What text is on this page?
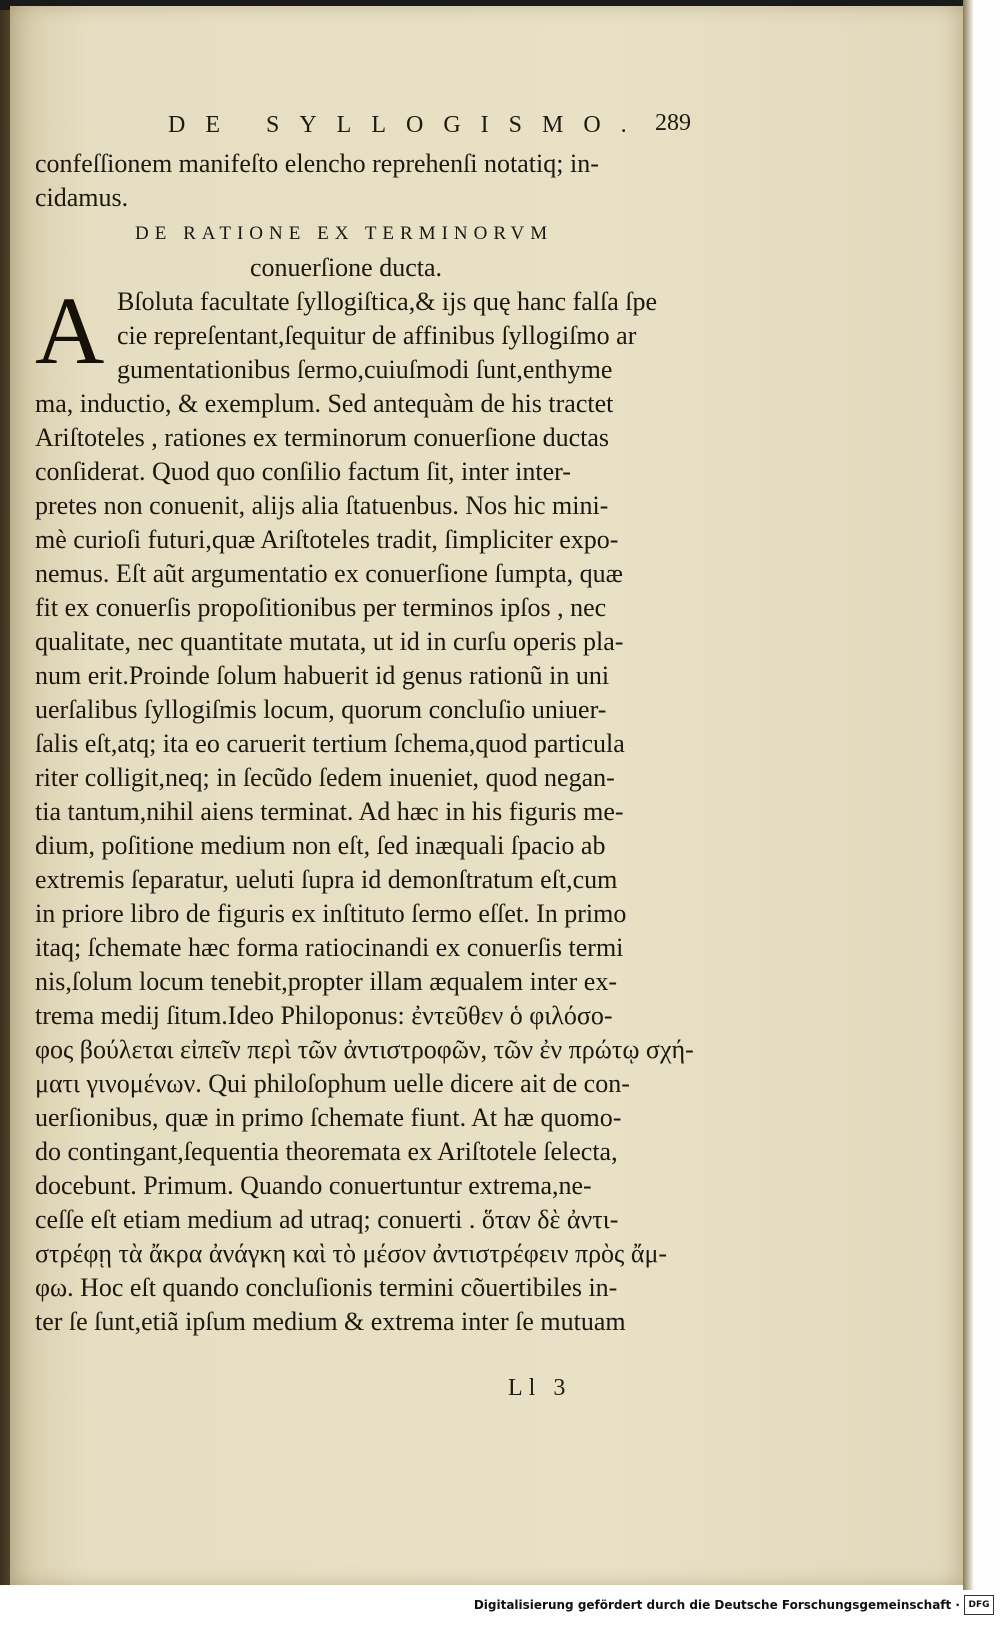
DE SYLLOGISMO. 289
A
confeſſionem manifeſto elencho reprehenſi notatiq; in-
cidamus.
DE RATIONE EX TERMINORVM
conuerſione ducta.
Bſoluta facultate ſyllogiſtica,& ijs quę hanc falſa ſpe
cie repreſentant,ſequitur de affinibus ſyllogiſmo ar
gumentationibus ſermo,cuiuſmodi ſunt,enthyme
ma, inductio, & exemplum. Sed antequàm de his tractet
Ariſtoteles , rationes ex terminorum conuerſione ductas
conſiderat. Quod quo conſilio factum ſit, inter inter-
pretes non conuenit, alijs alia ſtatuenbus. Nos hic mini-
mè curioſi futuri,quæ Ariſtoteles tradit, ſimpliciter expo-
nemus. Eſt aũt argumentatio ex conuerſione ſumpta, quæ
fit ex conuerſis propoſitionibus per terminos ipſos , nec
qualitate, nec quantitate mutata, ut id in curſu operis pla-
num erit.Proinde ſolum habuerit id genus rationũ in uni
uerſalibus ſyllogiſmis locum, quorum concluſio uniuer-
ſalis eſt,atq; ita eo caruerit tertium ſchema,quod particula
riter colligit,neq; in ſecũdo ſedem inueniet, quod negan-
tia tantum,nihil aiens terminat. Ad hæc in his figuris me-
dium, poſitione medium non eſt, ſed inæquali ſpacio ab
extremis ſeparatur, ueluti ſupra id demonſtratum eſt,cum
in priore libro de figuris ex inſtituto ſermo eſſet. In primo
itaq; ſchemate hæc forma ratiocinandi ex conuerſis termi
nis,ſolum locum tenebit,propter illam æqualem inter ex-
trema medij ſitum.Ideo Philoponus: ἐντεῦθεν ὁ φιλόσο-
φος βούλεται εἰπεῖν περὶ τῶν ἀντιστροφῶν, τῶν ἐν πρώτῳ σχή-
ματι γινομένων. Qui philoſophum uelle dicere ait de con-
uerſionibus, quæ in primo ſchemate fiunt. At hæ quomo-
do contingant,ſequentia theoremata ex Ariſtotele ſelecta,
docebunt. Primum. Quando conuertuntur extrema,ne-
ceſſe eſt etiam medium ad utraq; conuerti . ὅταν δὲ ἀντι-
στρέφῃ τὰ ἄκρα ἀνάγκη καὶ τὸ μέσον ἀντιστρέφειν πρὸς ἄμ-
φω. Hoc eſt quando concluſionis termini cõuertibiles in-
ter ſe ſunt,etiã ipſum medium & extrema inter ſe mutuam
Ll 3
Digitalisierung gefördert durch die Deutsche Forschungsgemeinschaft · DFG
